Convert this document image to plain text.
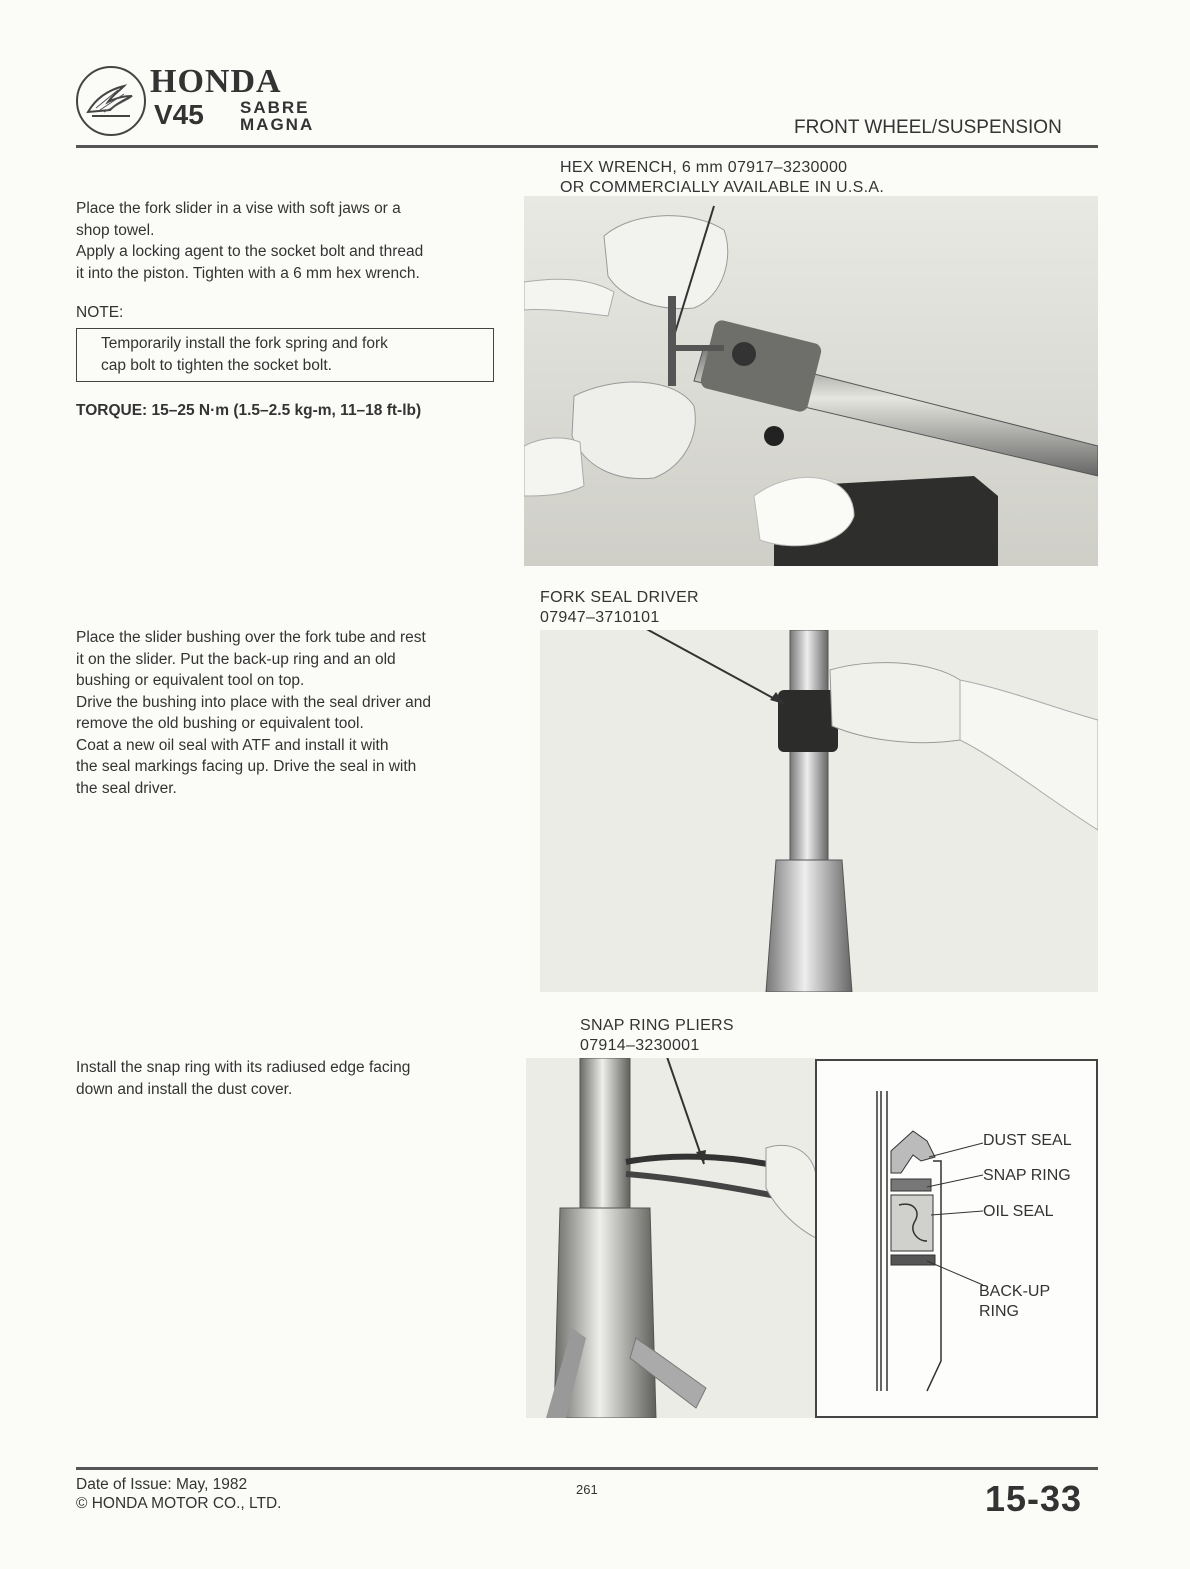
HONDA
V45 SABRE
MAGNA	FRONT WHEEL/SUSPENSION
Place the fork slider in a vise with soft jaws or a
shop towel.
Apply a locking agent to the socket bolt and thread
it into the piston. Tighten with a 6 mm hex wrench.
NOTE:
Temporarily install the fork spring and fork
cap bolt to tighten the socket bolt.
TORQUE: 15–25 N·m (1.5–2.5 kg-m, 11–18 ft-lb)
HEX WRENCH, 6 mm 07917–3230000
OR COMMERCIALLY AVAILABLE IN U.S.A.
Place the slider bushing over the fork tube and rest
it on the slider. Put the back-up ring and an old
bushing or equivalent tool on top.
Drive the bushing into place with the seal driver and
remove the old bushing or equivalent tool.
Coat a new oil seal with ATF and install it with
the seal markings facing up. Drive the seal in with
the seal driver.
FORK SEAL DRIVER
07947–3710101
Install the snap ring with its radiused edge facing
down and install the dust cover.
SNAP RING PLIERS
07914–3230001
DUST SEAL
SNAP RING
OIL SEAL
BACK-UP
RING
Date of Issue: May, 1982
© HONDA MOTOR CO., LTD.
261	15-33
